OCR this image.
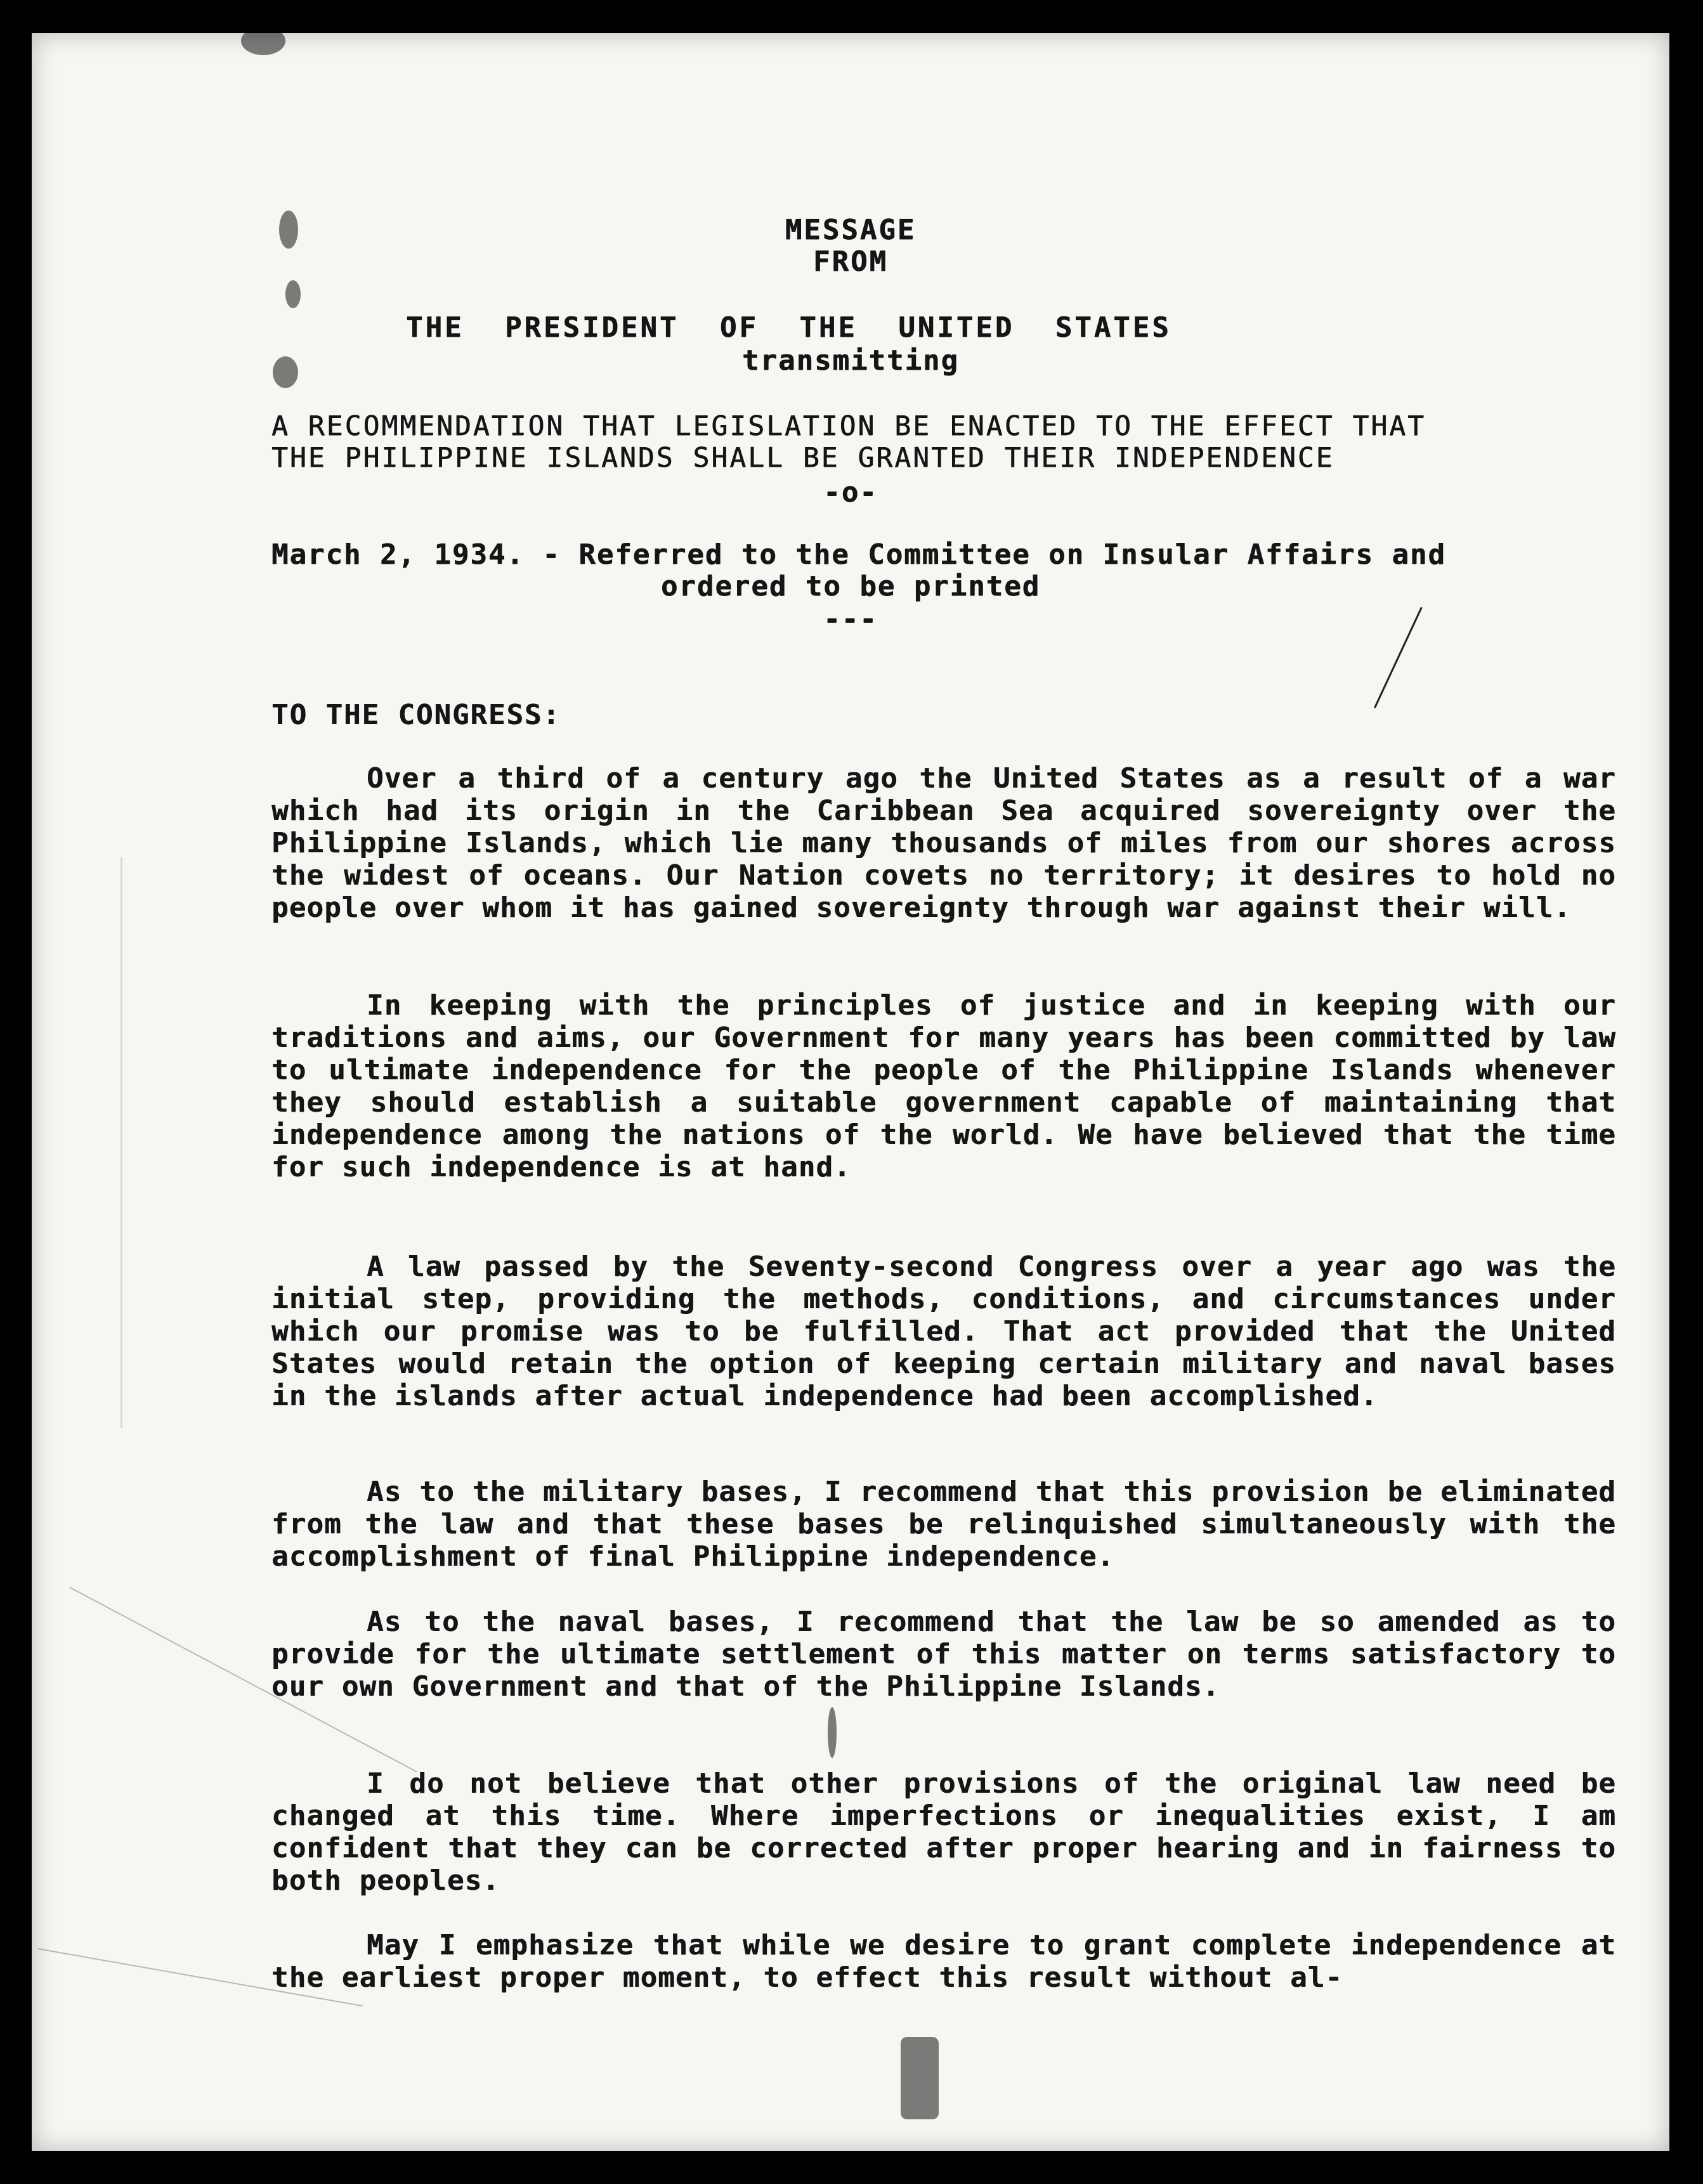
MESSAGE
FROM
THE PRESIDENT OF THE UNITED STATES
transmitting
A RECOMMENDATION THAT LEGISLATION BE ENACTED TO THE EFFECT THAT
THE PHILIPPINE ISLANDS SHALL BE GRANTED THEIR INDEPENDENCE
-o-
March 2, 1934. - Referred to the Committee on Insular Affairs and
ordered to be printed
---
TO THE CONGRESS:
Over a third of a century ago the United States as a result of a war which had its origin in the Caribbean Sea acquired sovereignty over the Philippine Islands, which lie many thousands of miles from our shores across the widest of oceans. Our Nation covets no territory; it desires to hold no people over whom it has gained sovereignty through war against their will.
In keeping with the principles of justice and in keeping with our traditions and aims, our Government for many years has been committed by law to ultimate independence for the people of the Philippine Islands whenever they should establish a suitable government capable of maintaining that independence among the nations of the world. We have believed that the time for such independence is at hand.
A law passed by the Seventy-second Congress over a year ago was the initial step, providing the methods, conditions, and circumstances under which our promise was to be fulfilled. That act provided that the United States would retain the option of keeping certain military and naval bases in the islands after actual independence had been accomplished.
As to the military bases, I recommend that this provision be eliminated from the law and that these bases be relinquished simultaneously with the accomplishment of final Philippine independence.
As to the naval bases, I recommend that the law be so amended as to provide for the ultimate settlement of this matter on terms satisfactory to our own Government and that of the Philippine Islands.
I do not believe that other provisions of the original law need be changed at this time. Where imperfections or inequalities exist, I am confident that they can be corrected after proper hearing and in fairness to both peoples.
May I emphasize that while we desire to grant complete independence at the earliest proper moment, to effect this result without al-
